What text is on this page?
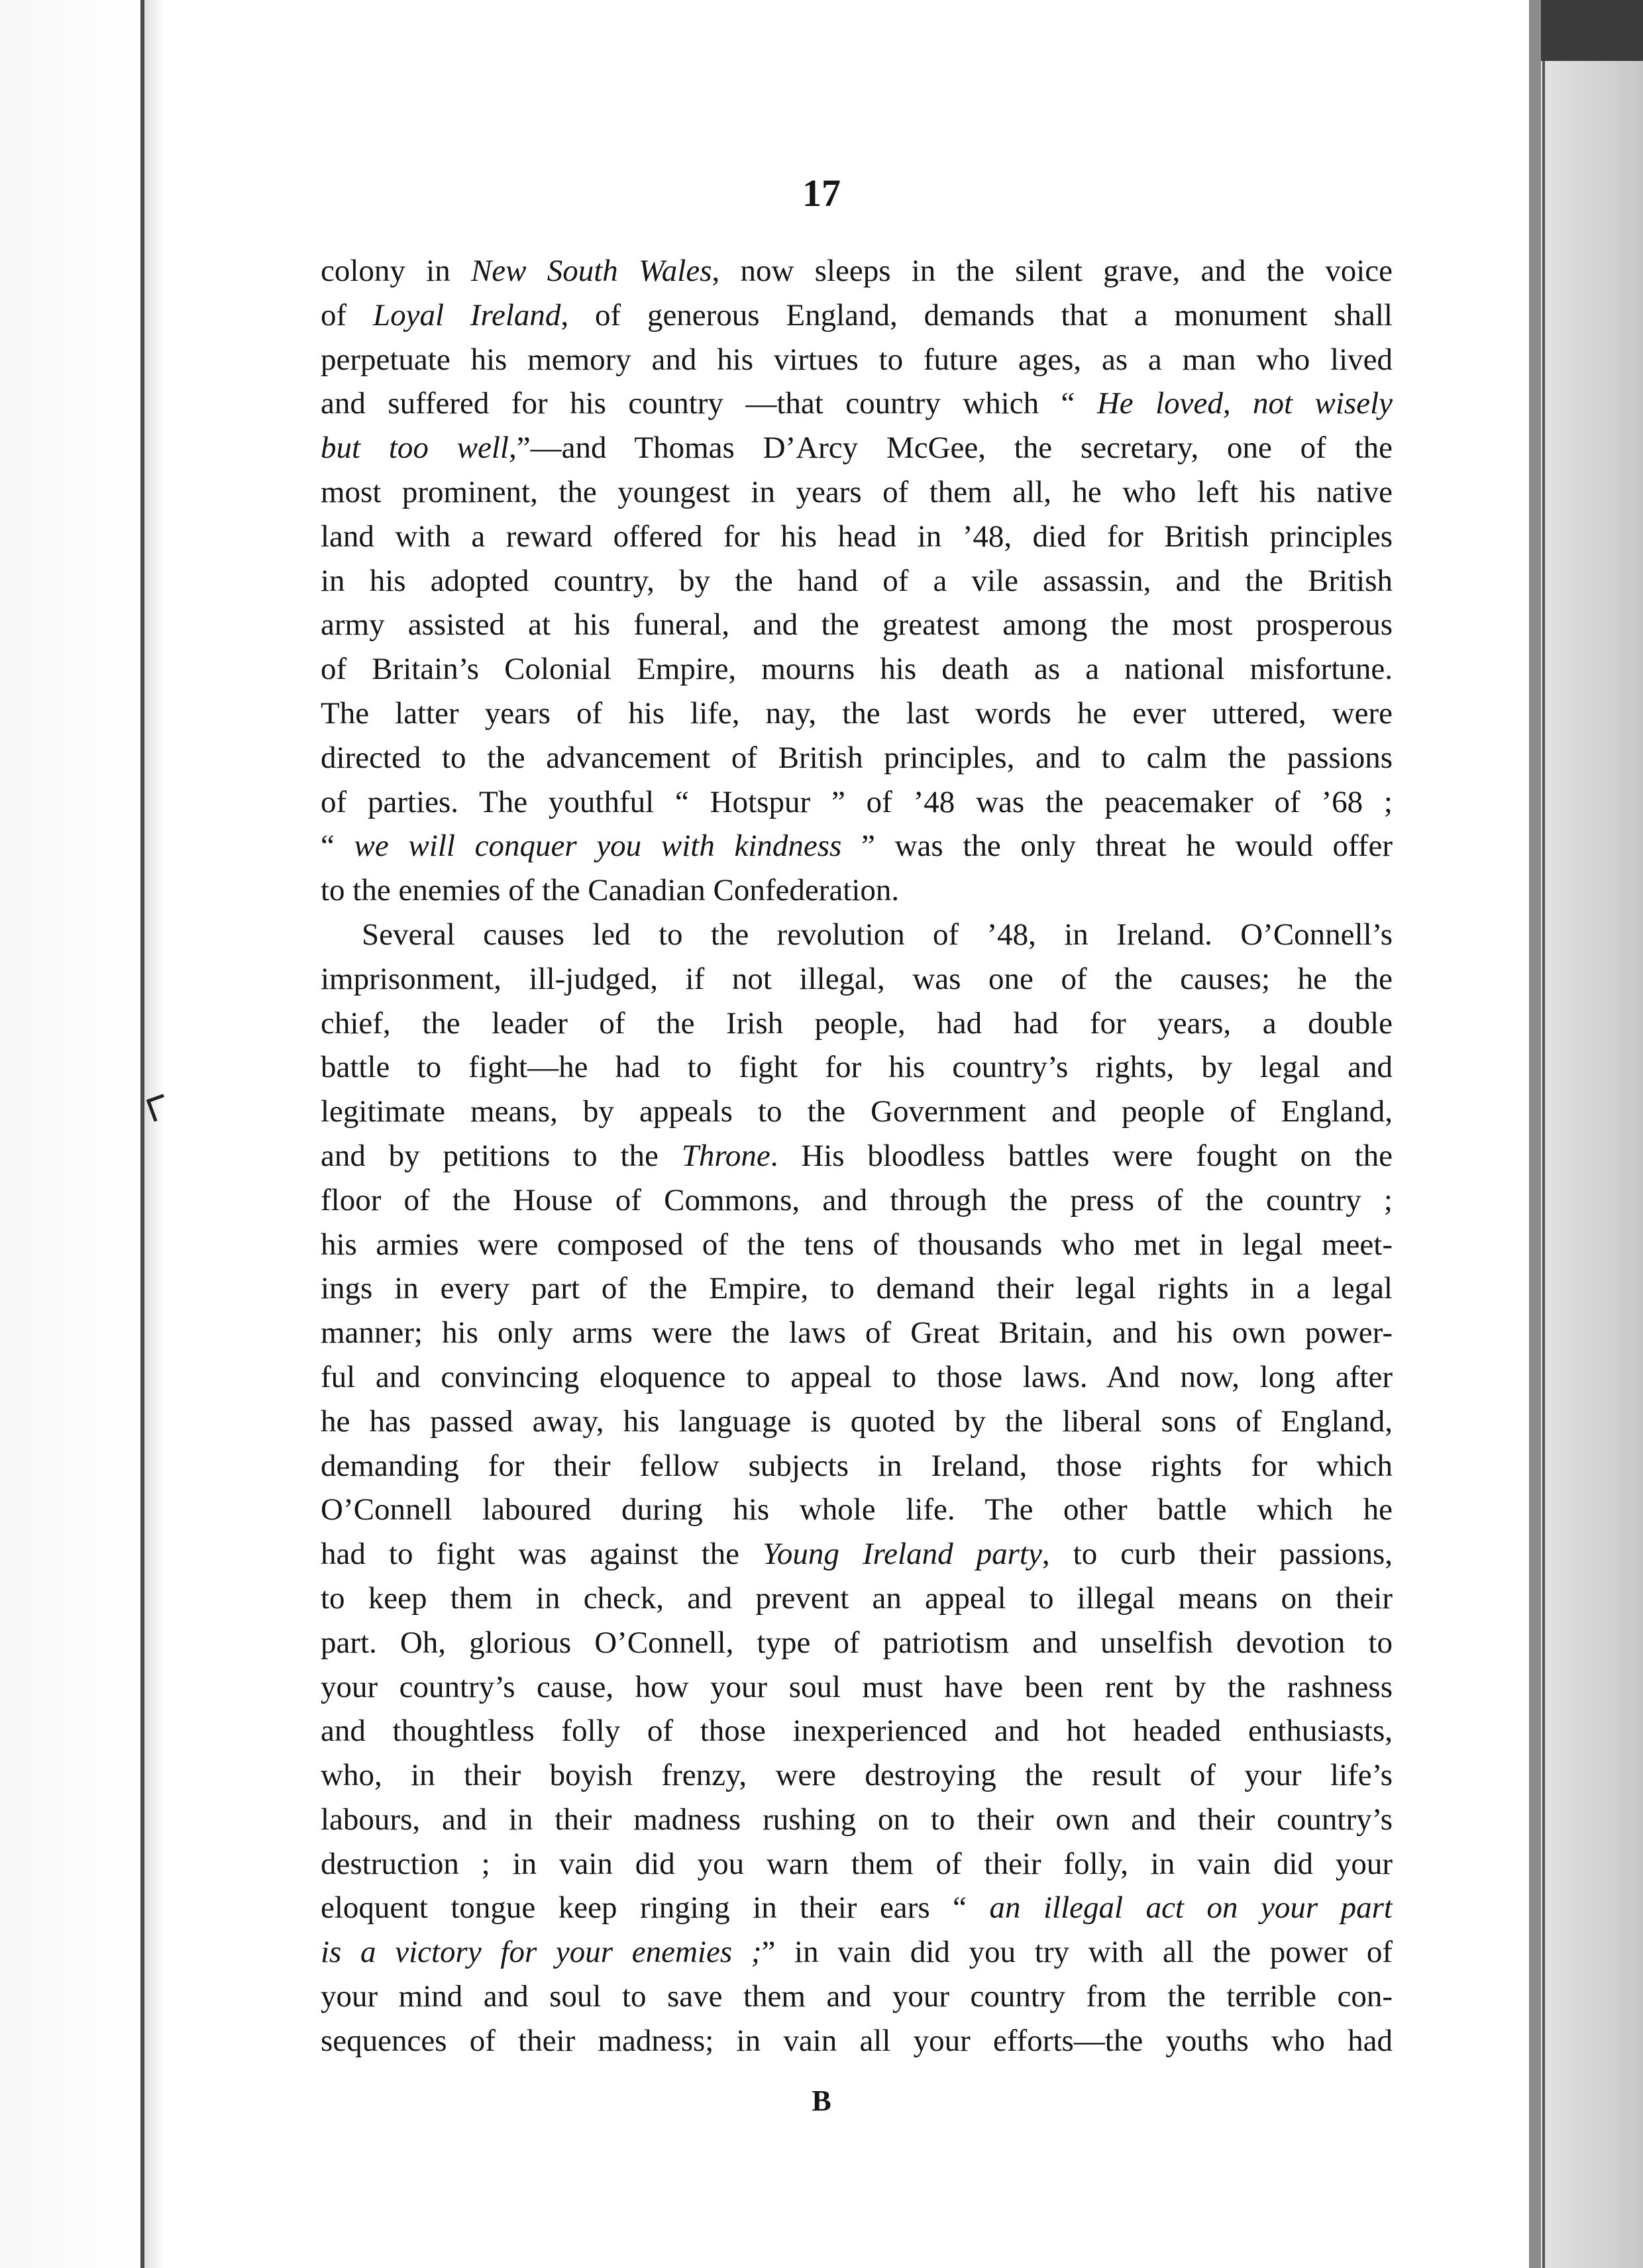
17
colony in New South Wales, now sleeps in the silent grave, and the voice
of Loyal Ireland, of generous England, demands that a monument shall
perpetuate his memory and his virtues to future ages, as a man who lived
and suffered for his country —that country which “ He loved, not wisely
but too well,”—and Thomas D’Arcy McGee, the secretary, one of the
most prominent, the youngest in years of them all, he who left his native
land with a reward offered for his head in ’48, died for British principles
in his adopted country, by the hand of a vile assassin, and the British
army assisted at his funeral, and the greatest among the most prosperous
of Britain’s Colonial Empire, mourns his death as a national misfortune.
The latter years of his life, nay, the last words he ever uttered, were
directed to the advancement of British principles, and to calm the passions
of parties. The youthful “ Hotspur ” of ’48 was the peacemaker of ’68 ;
“ we will conquer you with kindness ” was the only threat he would offer
to the enemies of the Canadian Confederation.
Several causes led to the revolution of ’48, in Ireland. O’Connell’s
imprisonment, ill-judged, if not illegal, was one of the causes; he the
chief, the leader of the Irish people, had had for years, a double
battle to fight—he had to fight for his country’s rights, by legal and
legitimate means, by appeals to the Government and people of England,
and by petitions to the Throne. His bloodless battles were fought on the
floor of the House of Commons, and through the press of the country ;
his armies were composed of the tens of thousands who met in legal meet-
ings in every part of the Empire, to demand their legal rights in a legal
manner; his only arms were the laws of Great Britain, and his own power-
ful and convincing eloquence to appeal to those laws. And now, long after
he has passed away, his language is quoted by the liberal sons of England,
demanding for their fellow subjects in Ireland, those rights for which
O’Connell laboured during his whole life. The other battle which he
had to fight was against the Young Ireland party, to curb their passions,
to keep them in check, and prevent an appeal to illegal means on their
part. Oh, glorious O’Connell, type of patriotism and unselfish devotion to
your country’s cause, how your soul must have been rent by the rashness
and thoughtless folly of those inexperienced and hot headed enthusiasts,
who, in their boyish frenzy, were destroying the result of your life’s
labours, and in their madness rushing on to their own and their country’s
destruction ; in vain did you warn them of their folly, in vain did your
eloquent tongue keep ringing in their ears “ an illegal act on your part
is a victory for your enemies ;” in vain did you try with all the power of
your mind and soul to save them and your country from the terrible con-
sequences of their madness; in vain all your efforts—the youths who had
B
